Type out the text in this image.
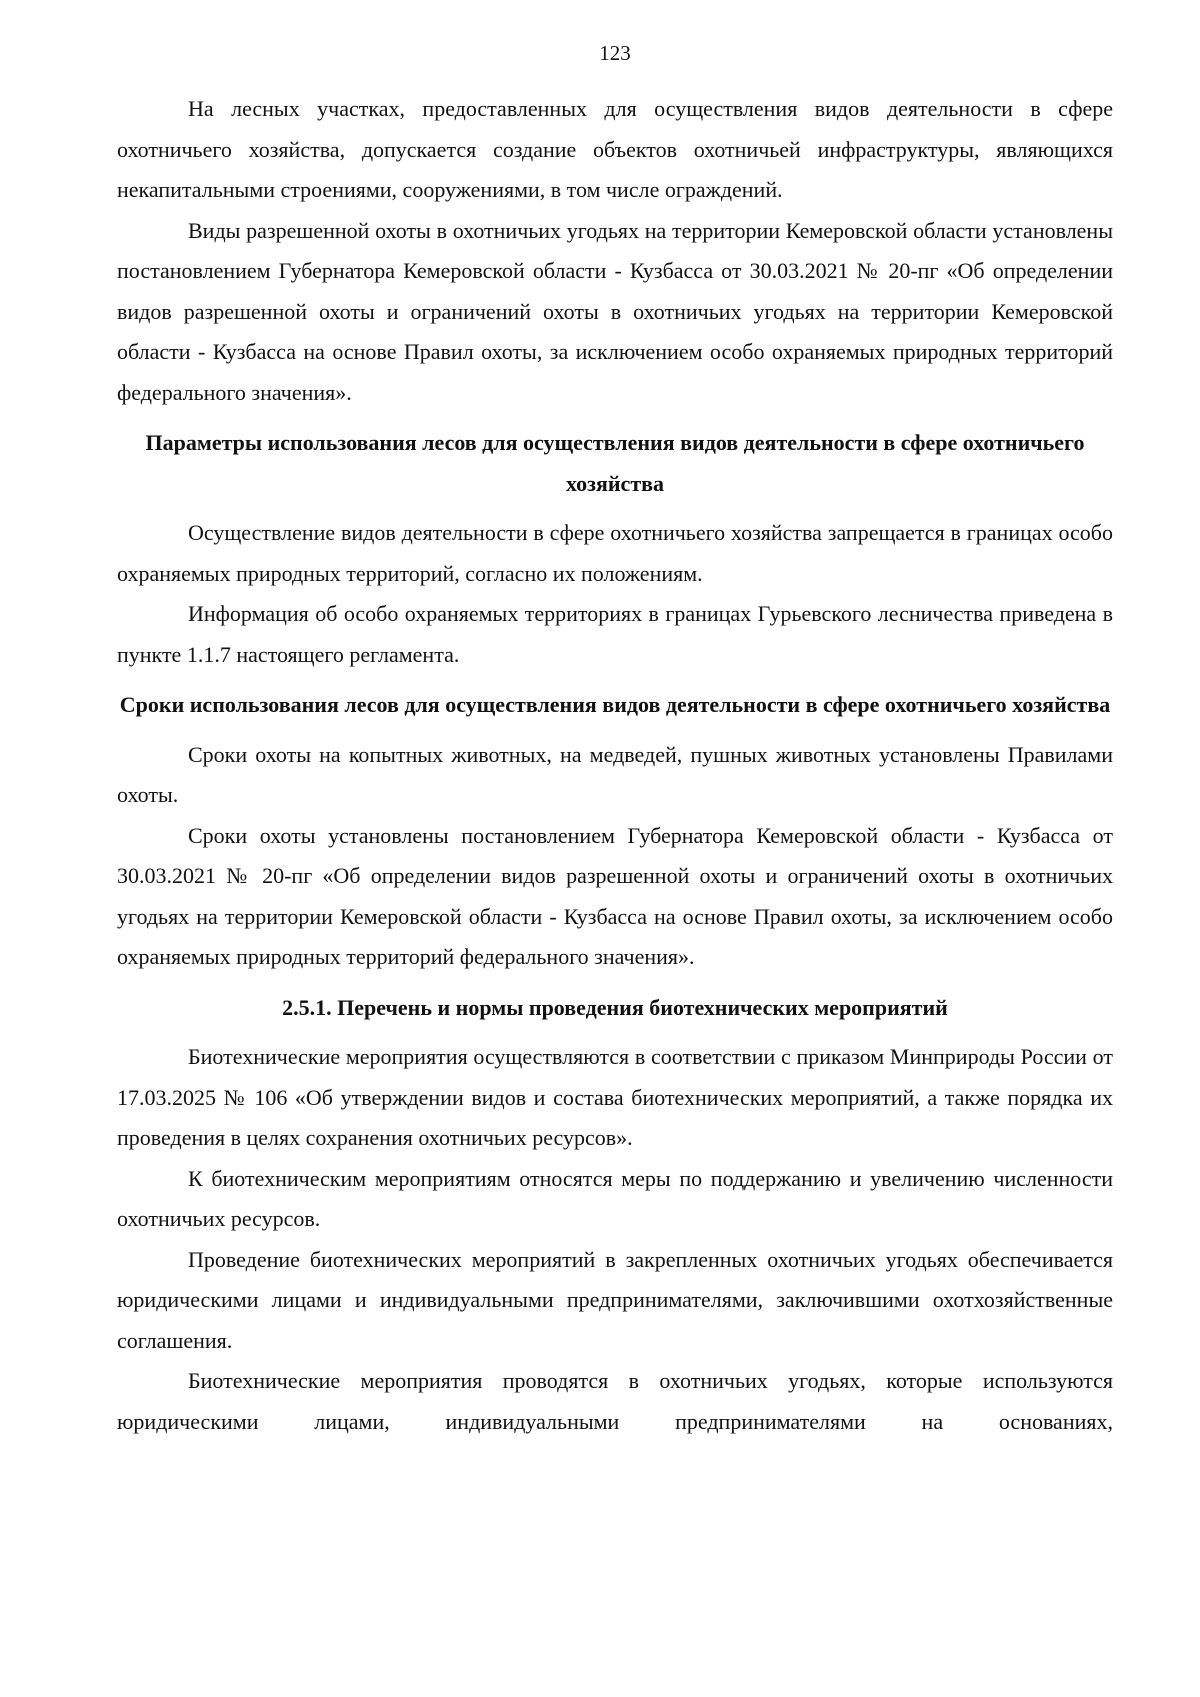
123

На лесных участках, предоставленных для осуществления видов деятельности в сфере охотничьего хозяйства, допускается создание объектов охотничьей инфраструктуры, являющихся некапитальными строениями, сооружениями, в том числе ограждений.

Виды разрешенной охоты в охотничьих угодьях на территории Кемеровской области установлены постановлением Губернатора Кемеровской области - Кузбасса от 30.03.2021 № 20-пг «Об определении видов разрешенной охоты и ограничений охоты в охотничьих угодьях на территории Кемеровской области - Кузбасса на основе Правил охоты, за исключением особо охраняемых природных территорий федерального значения».

Параметры использования лесов для осуществления видов деятельности в сфере охотничьего хозяйства

Осуществление видов деятельности в сфере охотничьего хозяйства запрещается в границах особо охраняемых природных территорий, согласно их положениям.

Информация об особо охраняемых территориях в границах Гурьевского лесничества приведена в пункте 1.1.7 настоящего регламента.

Сроки использования лесов для осуществления видов деятельности в сфере охотничьего хозяйства

Сроки охоты на копытных животных, на медведей, пушных животных установлены Правилами охоты.

Сроки охоты установлены постановлением Губернатора Кемеровской области - Кузбасса от 30.03.2021 № 20-пг «Об определении видов разрешенной охоты и ограничений охоты в охотничьих угодьях на территории Кемеровской области - Кузбасса на основе Правил охоты, за исключением особо охраняемых природных территорий федерального значения».

2.5.1. Перечень и нормы проведения биотехнических мероприятий

Биотехнические мероприятия осуществляются в соответствии с приказом Минприроды России от 17.03.2025 № 106 «Об утверждении видов и состава биотехнических мероприятий, а также порядка их проведения в целях сохранения охотничьих ресурсов».

К биотехническим мероприятиям относятся меры по поддержанию и увеличению численности охотничьих ресурсов.

Проведение биотехнических мероприятий в закрепленных охотничьих угодьях обеспечивается юридическими лицами и индивидуальными предпринимателями, заключившими охотхозяйственные соглашения.

Биотехнические мероприятия проводятся в охотничьих угодьях, которые используются юридическими лицами, индивидуальными предпринимателями на основаниях,
